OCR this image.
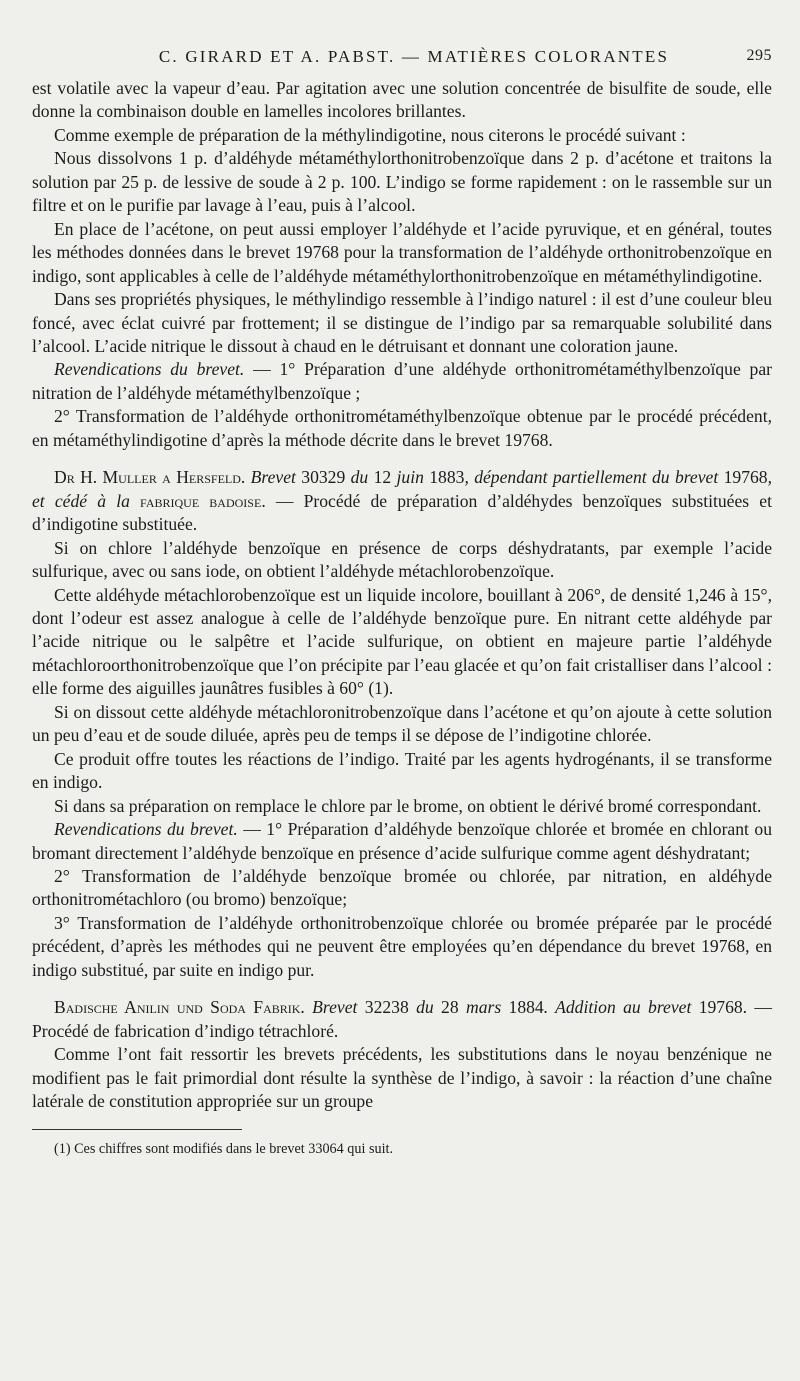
C. GIRARD ET A. PABST. — MATIÈRES COLORANTES	295

est volatile avec la vapeur d’eau. Par agitation avec une solution concentrée de bisulfite de soude, elle donne la combinaison double en lamelles incolores brillantes.

Comme exemple de préparation de la méthylindigotine, nous citerons le procédé suivant :

Nous dissolvons 1 p. d’aldéhyde métaméthylorthonitrobenzoïque dans 2 p. d’acétone et traitons la solution par 25 p. de lessive de soude à 2 p. 100. L’indigo se forme rapidement : on le rassemble sur un filtre et on le purifie par lavage à l’eau, puis à l’alcool.

En place de l’acétone, on peut aussi employer l’aldéhyde et l’acide pyruvique, et en général, toutes les méthodes données dans le brevet 19768 pour la transformation de l’aldéhyde orthonitrobenzoïque en indigo, sont applicables à celle de l’aldéhyde métaméthylorthonitrobenzoïque en métaméthylindigotine.

Dans ses propriétés physiques, le méthylindigo ressemble à l’indigo naturel : il est d’une couleur bleu foncé, avec éclat cuivré par frottement; il se distingue de l’indigo par sa remarquable solubilité dans l’alcool. L’acide nitrique le dissout à chaud en le détruisant et donnant une coloration jaune.

Revendications du brevet. — 1° Préparation d’une aldéhyde orthonitrométaméthylbenzoïque par nitration de l’aldéhyde métaméthylbenzoïque ;

2° Transformation de l’aldéhyde orthonitrométaméthylbenzoïque obtenue par le procédé précédent, en métaméthylindigotine d’après la méthode décrite dans le brevet 19768.

Dr H. Muller a Hersfeld. Brevet 30329 du 12 juin 1883, dépendant partiellement du brevet 19768, et cédé à la fabrique badoise. — Procédé de préparation d’aldéhydes benzoïques substituées et d’indigotine substituée.

Si on chlore l’aldéhyde benzoïque en présence de corps déshydratants, par exemple l’acide sulfurique, avec ou sans iode, on obtient l’aldéhyde métachlorobenzoïque.

Cette aldéhyde métachlorobenzoïque est un liquide incolore, bouillant à 206°, de densité 1,246 à 15°, dont l’odeur est assez analogue à celle de l’aldéhyde benzoïque pure. En nitrant cette aldéhyde par l’acide nitrique ou le salpêtre et l’acide sulfurique, on obtient en majeure partie l’aldéhyde métachloroorthonitrobenzoïque que l’on précipite par l’eau glacée et qu’on fait cristalliser dans l’alcool : elle forme des aiguilles jaunâtres fusibles à 60° (1).

Si on dissout cette aldéhyde métachloronitrobenzoïque dans l’acétone et qu’on ajoute à cette solution un peu d’eau et de soude diluée, après peu de temps il se dépose de l’indigotine chlorée.

Ce produit offre toutes les réactions de l’indigo. Traité par les agents hydrogénants, il se transforme en indigo.

Si dans sa préparation on remplace le chlore par le brome, on obtient le dérivé bromé correspondant.

Revendications du brevet. — 1° Préparation d’aldéhyde benzoïque chlorée et bromée en chlorant ou bromant directement l’aldéhyde benzoïque en présence d’acide sulfurique comme agent déshydratant;

2° Transformation de l’aldéhyde benzoïque bromée ou chlorée, par nitration, en aldéhyde orthonitrométachloro (ou bromo) benzoïque;

3° Transformation de l’aldéhyde orthonitrobenzoïque chlorée ou bromée préparée par le procédé précédent, d’après les méthodes qui ne peuvent être employées qu’en dépendance du brevet 19768, en indigo substitué, par suite en indigo pur.

Badische Anilin und Soda Fabrik. Brevet 32238 du 28 mars 1884. Addition au brevet 19768. — Procédé de fabrication d’indigo tétrachloré.

Comme l’ont fait ressortir les brevets précédents, les substitutions dans le noyau benzénique ne modifient pas le fait primordial dont résulte la synthèse de l’indigo, à savoir : la réaction d’une chaîne latérale de constitution appropriée sur un groupe

(1) Ces chiffres sont modifiés dans le brevet 33064 qui suit.
